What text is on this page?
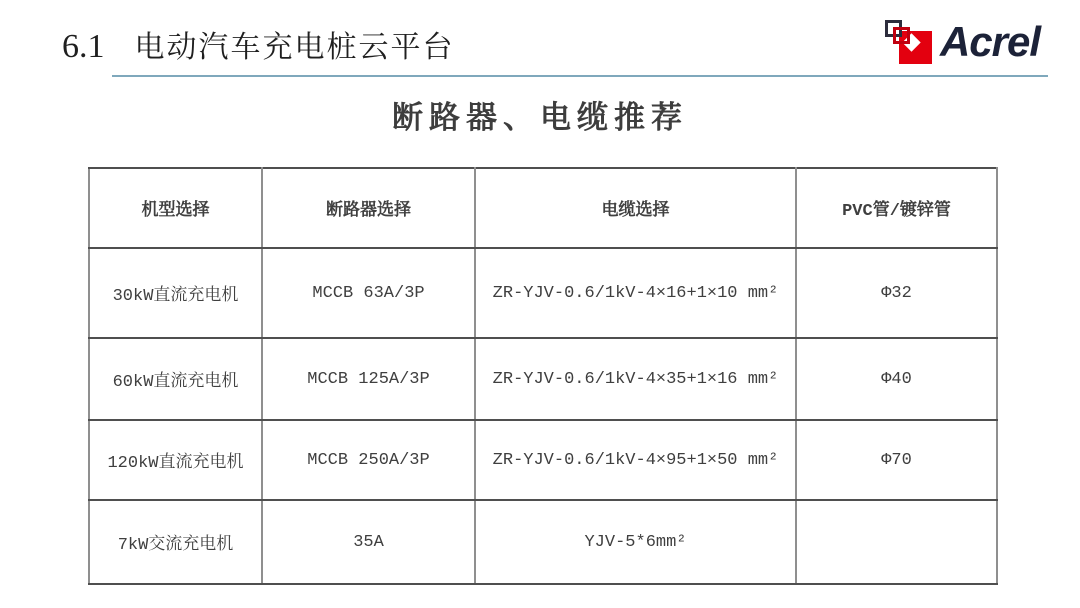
6.1 电动汽车充电桩云平台	Acrel
断路器、电缆推荐
机型选择	断路器选择	电缆选择	PVC管/镀锌管
30kW直流充电机	MCCB 63A/3P	ZR-YJV-0.6/1kV-4×16+1×10 mm²	Φ32
60kW直流充电机	MCCB 125A/3P	ZR-YJV-0.6/1kV-4×35+1×16 mm²	Φ40
120kW直流充电机	MCCB 250A/3P	ZR-YJV-0.6/1kV-4×95+1×50 mm²	Φ70
7kW交流充电机	35A	YJV-5*6mm²	
